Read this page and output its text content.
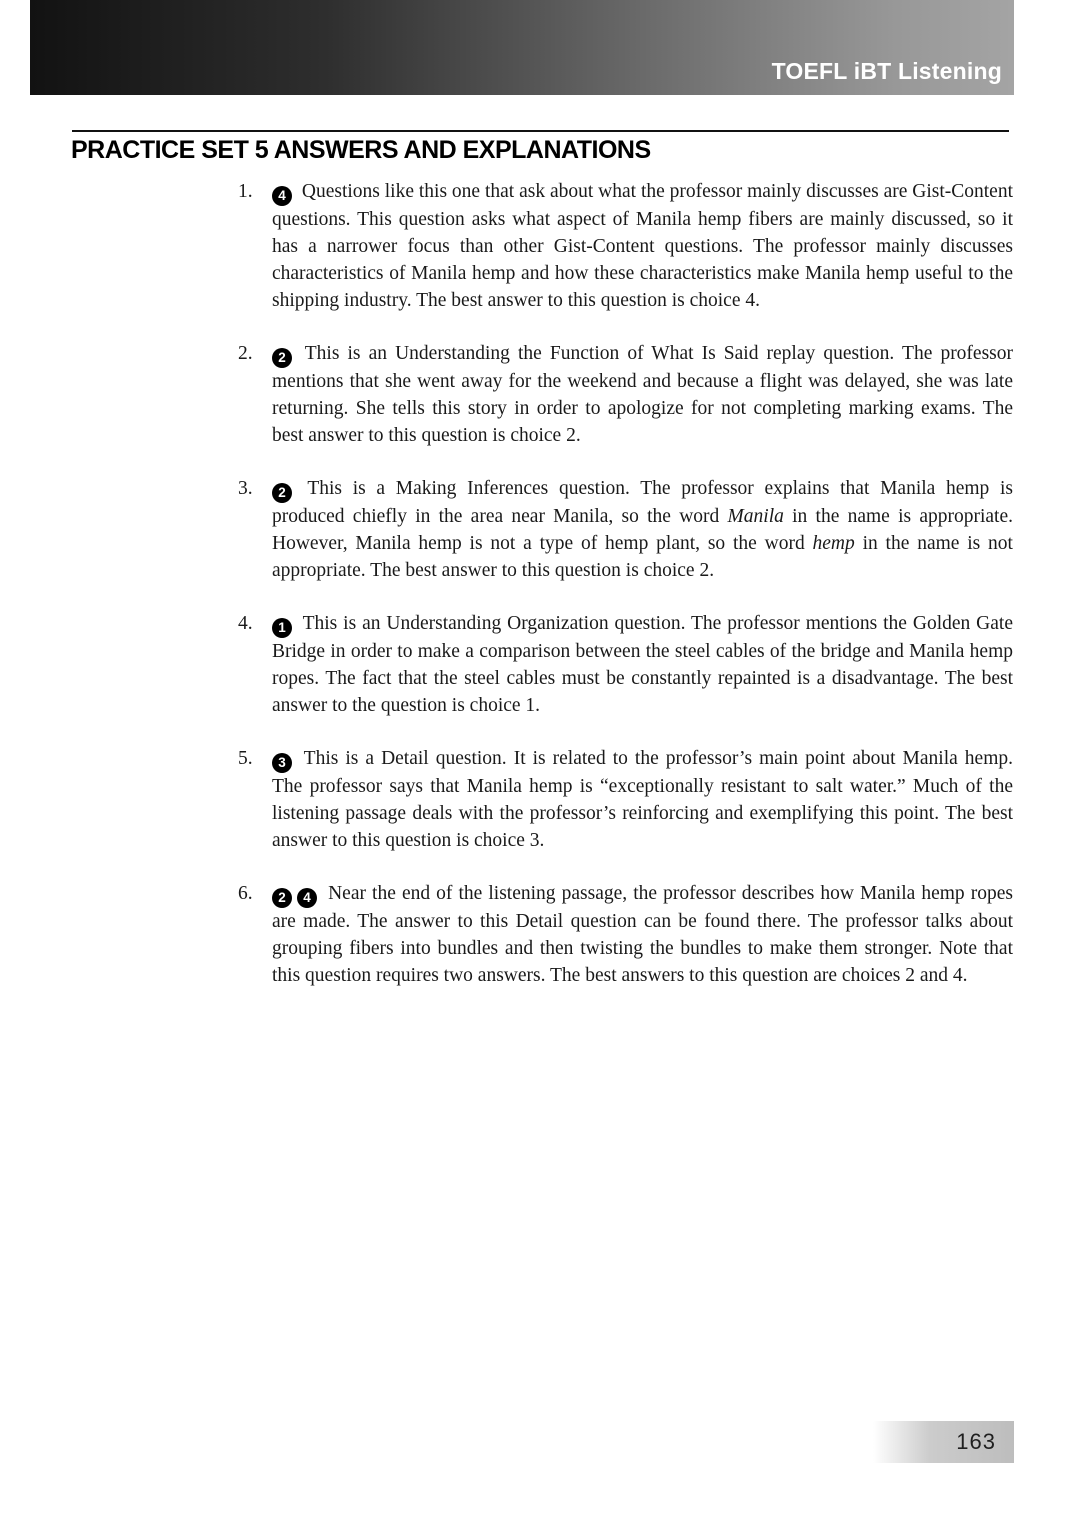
TOEFL iBT Listening
PRACTICE SET 5 ANSWERS AND EXPLANATIONS
1.	4 Questions like this one that ask about what the professor mainly discusses are Gist-Content questions. This question asks what aspect of Manila hemp fibers are mainly discussed, so it has a narrower focus than other Gist-Content questions. The professor mainly discusses characteristics of Manila hemp and how these characteristics make Manila hemp useful to the shipping industry. The best answer to this question is choice 4.

2.	2 This is an Understanding the Function of What Is Said replay question. The professor mentions that she went away for the weekend and because a flight was delayed, she was late returning. She tells this story in order to apologize for not completing marking exams. The best answer to this question is choice 2.

3.	2 This is a Making Inferences question. The professor explains that Manila hemp is produced chiefly in the area near Manila, so the word Manila in the name is appropriate. However, Manila hemp is not a type of hemp plant, so the word hemp in the name is not appropriate. The best answer to this question is choice 2.

4.	1 This is an Understanding Organization question. The professor mentions the Golden Gate Bridge in order to make a comparison between the steel cables of the bridge and Manila hemp ropes. The fact that the steel cables must be constantly repainted is a disadvantage. The best answer to the question is choice 1.

5.	3 This is a Detail question. It is related to the professor’s main point about Manila hemp. The professor says that Manila hemp is “exceptionally resistant to salt water.” Much of the listening passage deals with the professor’s reinforcing and exemplifying this point. The best answer to this question is choice 3.

6.	2 4 Near the end of the listening passage, the professor describes how Manila hemp ropes are made. The answer to this Detail question can be found there. The professor talks about grouping fibers into bundles and then twisting the bundles to make them stronger. Note that this question requires two answers. The best answers to this question are choices 2 and 4.

163
